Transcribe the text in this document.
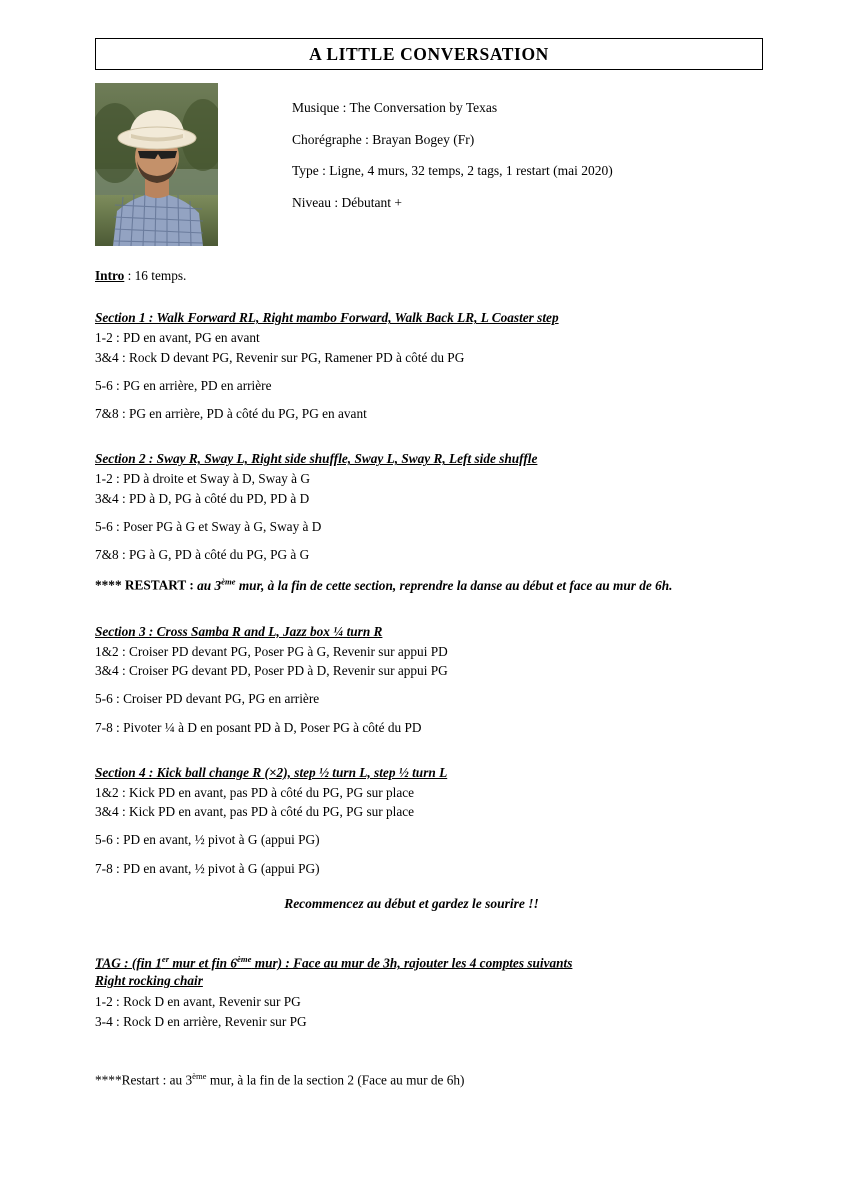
A LITTLE CONVERSATION

Musique : The Conversation by Texas

Chorégraphe : Brayan Bogey (Fr)

Type : Ligne, 4 murs, 32 temps, 2 tags, 1 restart (mai 2020)

Niveau : Débutant +

Intro : 16 temps.

Section 1 : Walk Forward RL, Right mambo Forward, Walk Back LR, L Coaster step

1-2 : PD en avant, PG en avant

3&4 : Rock D devant PG, Revenir sur PG, Ramener PD à côté du PG

5-6 : PG en arrière, PD en arrière

7&8 : PG en arrière, PD à côté du PG, PG en avant

Section 2 : Sway R, Sway L, Right side shuffle, Sway L, Sway R, Left side shuffle

1-2 : PD à droite et Sway à D, Sway à G

3&4 : PD à D, PG à côté du PD, PD à D

5-6 : Poser PG à G et Sway à G, Sway à D

7&8 : PG à G, PD à côté du PG, PG à G

**** RESTART : au 3ème mur, à la fin de cette section, reprendre la danse au début et face au mur de 6h.

Section 3 : Cross Samba R and L, Jazz box ¼ turn R

1&2 : Croiser PD devant PG, Poser PG à G, Revenir sur appui PD

3&4 : Croiser PG devant PD, Poser PD à D, Revenir sur appui PG

5-6 : Croiser PD devant PG, PG en arrière

7-8 : Pivoter ¼ à D en posant PD à D, Poser PG à côté du PD

Section 4 : Kick ball change R (×2), step ½ turn L, step ½ turn L

1&2 : Kick PD en avant, pas PD à côté du PG, PG sur place

3&4 : Kick PD en avant, pas PD à côté du PG, PG sur place

5-6 : PD en avant, ½ pivot à G (appui PG)

7-8 : PD en avant, ½ pivot à G (appui PG)

Recommencez au début et gardez le sourire !!

TAG : (fin 1er mur et fin 6ème mur) : Face au mur de 3h, rajouter les 4 comptes suivants

Right rocking chair

1-2 : Rock D en avant, Revenir sur PG

3-4 : Rock D en arrière, Revenir sur PG

****Restart : au 3ème mur, à la fin de la section 2 (Face au mur de 6h)
